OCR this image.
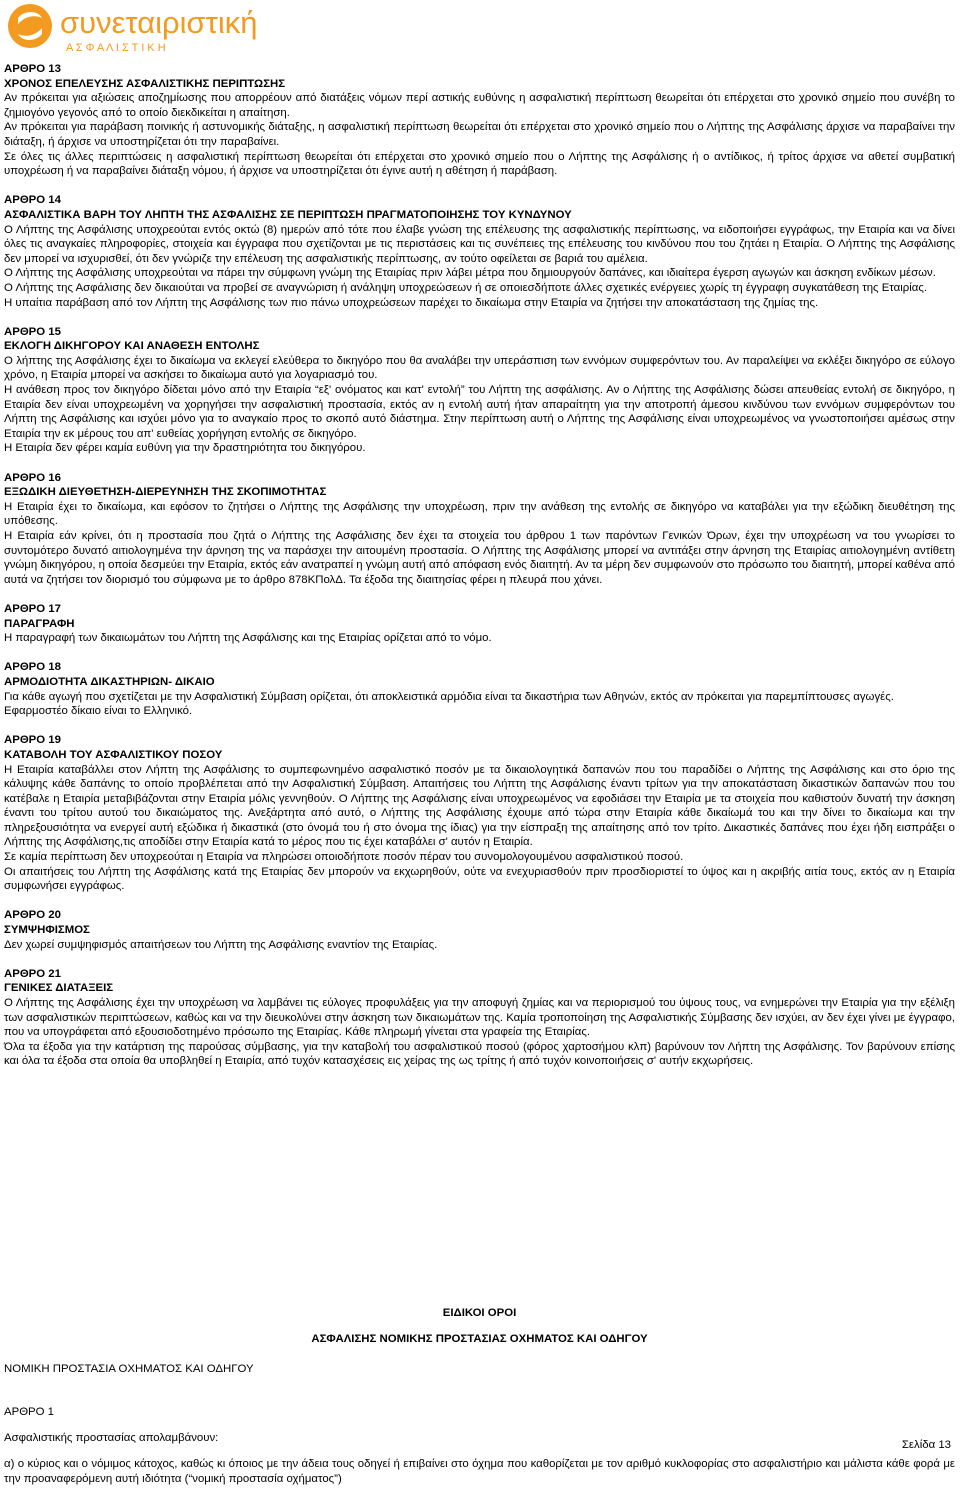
συνεταιριστική
Α Σ Φ Α Λ Ι Σ Τ Ι Κ Η

ΑΡΘΡΟ 13

ΧΡΟΝΟΣ ΕΠΕΛΕΥΣΗΣ ΑΣΦΑΛΙΣΤΙΚΗΣ ΠΕΡΙΠΤΩΣΗΣ

Αν πρόκειται για αξιώσεις αποζημίωσης που απορρέουν από διατάξεις νόμων περί αστικής ευθύνης η ασφαλιστική περίπτωση θεωρείται ότι επέρχεται στο χρονικό σημείο που συνέβη το ζημιογόνο γεγονός από το οποίο διεκδικείται η απαίτηση.

Αν πρόκειται για παράβαση ποινικής ή αστυνομικής διάταξης, η ασφαλιστική περίπτωση θεωρείται ότι επέρχεται στο χρονικό σημείο που ο Λήπτης της Ασφάλισης άρχισε να παραβαίνει την διάταξη, ή άρχισε να υποστηρίζεται ότι την παραβαίνει.

Σε όλες τις άλλες περιπτώσεις η ασφαλιστική περίπτωση θεωρείται ότι επέρχεται στο χρονικό σημείο που ο Λήπτης της Ασφάλισης ή ο αντίδικος, ή τρίτος άρχισε να αθετεί συμβατική υποχρέωση ή να παραβαίνει διάταξη νόμου, ή άρχισε να υποστηρίζεται ότι έγινε αυτή η αθέτηση ή παράβαση.

ΑΡΘΡΟ 14

ΑΣΦΑΛΙΣΤΙΚΑ ΒΑΡΗ ΤΟΥ ΛΗΠΤΗ ΤΗΣ ΑΣΦΑΛΙΣΗΣ ΣΕ ΠΕΡΙΠΤΩΣΗ ΠΡΑΓΜΑΤΟΠΟΙΗΣΗΣ ΤΟΥ ΚΥΝΔΥΝΟΥ

Ο Λήπτης της Ασφάλισης υποχρεούται εντός οκτώ (8) ημερών από τότε που έλαβε γνώση της επέλευσης της ασφαλιστικής περίπτωσης, να ειδοποιήσει εγγράφως, την Εταιρία και να δίνει όλες τις αναγκαίες πληροφορίες, στοιχεία και έγγραφα που σχετίζονται με τις περιστάσεις και τις συνέπειες της επέλευσης του κινδύνου που του ζητάει η Εταιρία. Ο Λήπτης της Ασφάλισης δεν μπορεί να ισχυρισθεί, ότι δεν γνώριζε την επέλευση της ασφαλιστικής περίπτωσης, αν τούτο οφείλεται σε βαριά του αμέλεια.

Ο Λήπτης της Ασφάλισης υποχρεούται να πάρει την σύμφωνη γνώμη της Εταιρίας πριν λάβει μέτρα που δημιουργούν δαπάνες, και ιδιαίτερα έγερση αγωγών και άσκηση ενδίκων μέσων.

Ο Λήπτης της Ασφάλισης δεν δικαιούται να προβεί σε αναγνώριση ή ανάληψη υποχρεώσεων ή σε οποιεσδήποτε άλλες σχετικές ενέργειες χωρίς τη έγγραφη συγκατάθεση της Εταιρίας.

Η υπαίτια παράβαση από τον Λήπτη της Ασφάλισης των πιο πάνω υποχρεώσεων παρέχει το δικαίωμα στην Εταιρία να ζητήσει την αποκατάσταση της ζημίας της.

ΑΡΘΡΟ 15

ΕΚΛΟΓΗ ΔΙΚΗΓΟΡΟΥ ΚΑΙ ΑΝΑΘΕΣΗ ΕΝΤΟΛΗΣ

Ο λήπτης της Ασφάλισης έχει το δικαίωμα να εκλεγεί ελεύθερα το δικηγόρο που θα αναλάβει την υπεράσπιση των εννόμων συμφερόντων του. Αν παραλείψει να εκλέξει δικηγόρο σε εύλογο χρόνο, η Εταιρία μπορεί να ασκήσει το δικαίωμα αυτό για λογαριασμό του.

Η ανάθεση προς τον δικηγόρο δίδεται μόνο από την Εταιρία “εξ' ονόματος και κατ' εντολή” του Λήπτη της ασφάλισης. Αν ο Λήπτης της Ασφάλισης δώσει απευθείας εντολή σε δικηγόρο, η Εταιρία δεν είναι υποχρεωμένη να χορηγήσει την ασφαλιστική προστασία, εκτός αν η εντολή αυτή ήταν απαραίτητη για την αποτροπή άμεσου κινδύνου των εννόμων συμφερόντων του Λήπτη της Ασφάλισης και ισχύει μόνο για το αναγκαίο προς το σκοπό αυτό διάστημα. Στην περίπτωση αυτή ο Λήπτης της Ασφάλισης είναι υποχρεωμένος να γνωστοποιήσει αμέσως στην Εταιρία την εκ μέρους του απ' ευθείας χορήγηση εντολής σε δικηγόρο.

Η Εταιρία δεν φέρει καμία ευθύνη για την δραστηριότητα του δικηγόρου.

ΑΡΘΡΟ 16

ΕΞΩΔΙΚΗ ΔΙΕΥΘΕΤΗΣΗ-ΔΙΕΡΕΥΝΗΣΗ ΤΗΣ ΣΚΟΠΙΜΟΤΗΤΑΣ

Η Εταιρία έχει το δικαίωμα, και εφόσον το ζητήσει ο Λήπτης της Ασφάλισης την υποχρέωση, πριν την ανάθεση της εντολής σε δικηγόρο να καταβάλει για την εξώδικη διευθέτηση της υπόθεσης.

Η Εταιρία εάν κρίνει, ότι η προστασία που ζητά ο Λήπτης της Ασφάλισης δεν έχει τα στοιχεία του άρθρου 1 των παρόντων Γενικών Όρων, έχει την υποχρέωση να του γνωρίσει το συντομότερο δυνατό αιτιολογημένα την άρνηση της να παράσχει την αιτουμένη προστασία. Ο Λήπτης της Ασφάλισης μπορεί να αντιτάξει στην άρνηση της Εταιρίας αιτιολογημένη αντίθετη γνώμη δικηγόρου, η οποία δεσμεύει την Εταιρία, εκτός εάν ανατραπεί η γνώμη αυτή από απόφαση ενός διαιτητή. Αν τα μέρη δεν συμφωνούν στο πρόσωπο του διαιτητή, μπορεί καθένα από αυτά να ζητήσει τον διορισμό του σύμφωνα με το άρθρο 878ΚΠολΔ. Τα έξοδα της διαιτησίας φέρει η πλευρά που χάνει.

ΑΡΘΡΟ 17

ΠΑΡΑΓΡΑΦΗ

Η παραγραφή των δικαιωμάτων του Λήπτη της Ασφάλισης και της Εταιρίας ορίζεται από το νόμο.

ΑΡΘΡΟ 18

ΑΡΜΟΔΙΟΤΗΤΑ ΔΙΚΑΣΤΗΡΙΩΝ- ΔΙΚΑΙΟ

Για κάθε αγωγή που σχετίζεται με την Ασφαλιστική Σύμβαση ορίζεται, ότι αποκλειστικά αρμόδια είναι τα δικαστήρια των Αθηνών, εκτός αν πρόκειται για παρεμπίπτουσες αγωγές.

Εφαρμοστέο δίκαιο είναι το Ελληνικό.

ΑΡΘΡΟ 19

ΚΑΤΑΒΟΛΗ ΤΟΥ ΑΣΦΑΛΙΣΤΙΚΟΥ ΠΟΣΟΥ

Η Εταιρία καταβάλλει στον Λήπτη της Ασφάλισης το συμπεφωνημένο ασφαλιστικό ποσόν με τα δικαιολογητικά δαπανών που του παραδίδει ο Λήπτης της Ασφάλισης και στο όριο της κάλυψης κάθε δαπάνης το οποίο προβλέπεται από την Ασφαλιστική Σύμβαση. Απαιτήσεις του Λήπτη της Ασφάλισης έναντι τρίτων για την αποκατάσταση δικαστικών δαπανών που του κατέβαλε η Εταιρία μεταβιβάζονται στην Εταιρία μόλις γεννηθούν. Ο Λήπτης της Ασφάλισης είναι υποχρεωμένος να εφοδιάσει την Εταιρία με τα στοιχεία που καθιστούν δυνατή την άσκηση έναντι του τρίτου αυτού του δικαιώματος της. Ανεξάρτητα από αυτό, ο Λήπτης της Ασφάλισης έχουμε από τώρα στην Εταιρία κάθε δικαίωμά του και την δίνει το δικαίωμα και την πληρεξουσιότητα να ενεργεί αυτή εξώδικα ή δικαστικά (στο όνομά του ή στο όνομα της ίδιας) για την είσπραξη της απαίτησης από τον τρίτο. Δικαστικές δαπάνες που έχει ήδη εισπράξει ο Λήπτης της Ασφάλισης,τις αποδίδει στην Εταιρία κατά το μέρος που τις έχει καταβάλει σ' αυτόν η Εταιρία.

Σε καμία περίπτωση δεν υποχρεούται η Εταιρία να πληρώσει οποιοδήποτε ποσόν πέραν του συνομολογουμένου ασφαλιστικού ποσού.

Οι απαιτήσεις του Λήπτη της Ασφάλισης κατά της Εταιρίας δεν μπορούν να εκχωρηθούν, ούτε να ενεχυριασθούν πριν προσδιοριστεί το ύψος και η ακριβής αιτία τους, εκτός αν η Εταιρία συμφωνήσει εγγράφως.

ΑΡΘΡΟ 20

ΣΥΜΨΗΦΙΣΜΟΣ

Δεν χωρεί συμψηφισμός απαιτήσεων του Λήπτη της Ασφάλισης εναντίον της Εταιρίας.

ΑΡΘΡΟ 21

ΓΕΝΙΚΕΣ ΔΙΑΤΑΞΕΙΣ

Ο Λήπτης της Ασφάλισης έχει την υποχρέωση να λαμβάνει τις εύλογες προφυλάξεις για την αποφυγή ζημίας και να περιορισμού του ύψους τους, να ενημερώνει την Εταιρία για την εξέλιξη των ασφαλιστικών περιπτώσεων, καθώς και να την διευκολύνει στην άσκηση των δικαιωμάτων της. Καμία τροποποίηση της Ασφαλιστικής Σύμβασης δεν ισχύει, αν δεν έχει γίνει με έγγραφο, που να υπογράφεται από εξουσιοδοτημένο πρόσωπο της Εταιρίας. Κάθε πληρωμή γίνεται στα γραφεία της Εταιρίας.

Όλα τα έξοδα για την κατάρτιση της παρούσας σύμβασης, για την καταβολή του ασφαλιστικού ποσού (φόρος χαρτοσήμου κλπ) βαρύνουν τον Λήπτη της Ασφάλισης. Τον βαρύνουν επίσης και όλα τα έξοδα στα οποία θα υποβληθεί η Εταιρία, από τυχόν κατασχέσεις εις χείρας της ως τρίτης ή από τυχόν κοινοποιήσεις σ' αυτήν εκχωρήσεις.

ΕΙΔΙΚΟΙ ΟΡΟΙ

ΑΣΦΑΛΙΣΗΣ ΝΟΜΙΚΗΣ ΠΡΟΣΤΑΣΙΑΣ ΟΧΗΜΑΤΟΣ ΚΑΙ ΟΔΗΓΟΥ

ΝΟΜΙΚΗ ΠΡΟΣΤΑΣΙΑ ΟΧΗΜΑΤΟΣ ΚΑΙ ΟΔΗΓΟΥ

ΑΡΘΡΟ 1

Ασφαλιστικής προστασίας απολαμβάνουν:

α) ο κύριος και ο νόμιμος κάτοχος, καθώς κι όποιος με την άδεια τους οδηγεί ή επιβαίνει στο όχημα που καθορίζεται με τον αριθμό κυκλοφορίας στο ασφαλιστήριο και μάλιστα κάθε φορά με την προαναφερόμενη αυτή ιδιότητα (“νομική προστασία οχήματος”)

Σελίδα 13
